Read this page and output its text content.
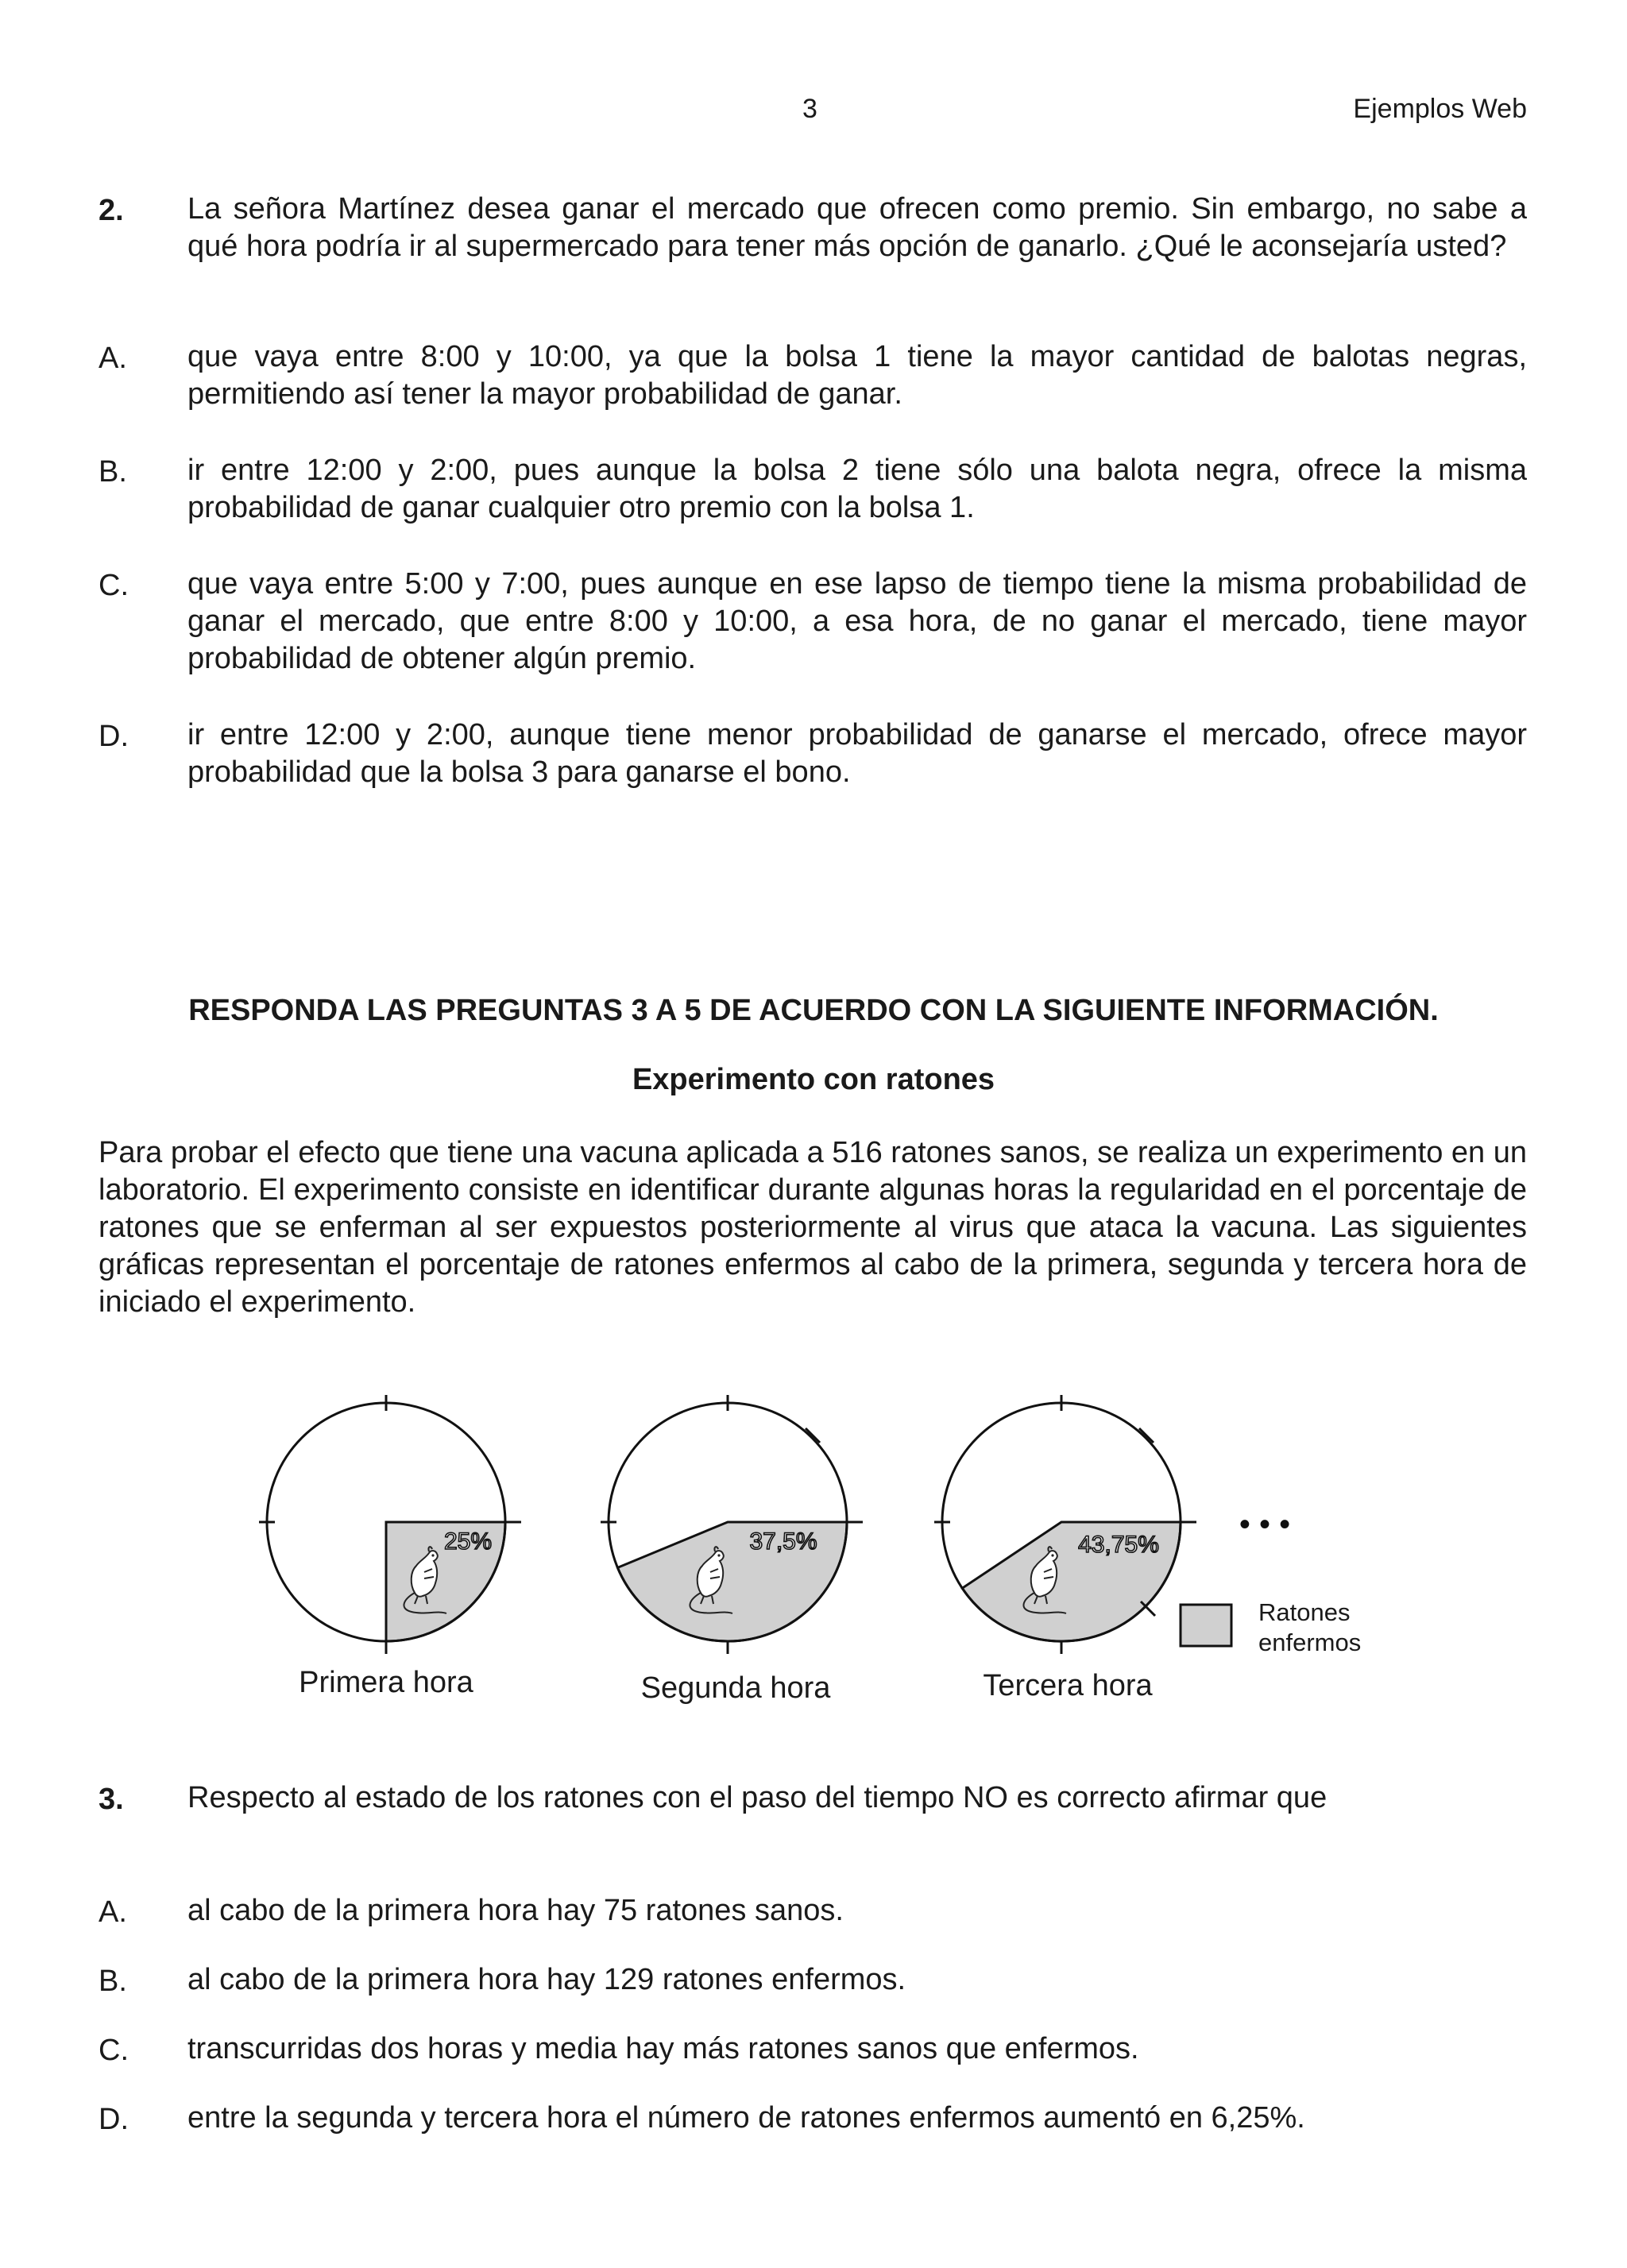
3	Ejemplos Web
2. La señora Martínez desea ganar el mercado que ofrecen como premio. Sin embargo, no sabe a qué hora podría ir al supermercado para tener más opción de ganarlo. ¿Qué le aconsejaría usted?
A. que vaya entre 8:00 y 10:00, ya que la bolsa 1 tiene la mayor cantidad de balotas negras, permitiendo así tener la mayor probabilidad de ganar.
B. ir entre 12:00 y 2:00, pues aunque la bolsa 2 tiene sólo una balota negra, ofrece la misma probabilidad de ganar cualquier otro premio con la bolsa 1.
C. que vaya entre 5:00 y 7:00, pues aunque en ese lapso de tiempo tiene la misma probabilidad de ganar el mercado, que entre 8:00 y 10:00, a esa hora, de no ganar el mercado, tiene mayor probabilidad de obtener algún premio.
D. ir entre 12:00 y 2:00, aunque tiene menor probabilidad de ganarse el mercado, ofrece mayor probabilidad que la bolsa 3 para ganarse el bono.
RESPONDA LAS PREGUNTAS 3 A 5 DE ACUERDO CON LA SIGUIENTE INFORMACIÓN.
Experimento con ratones
Para probar el efecto que tiene una vacuna aplicada a 516 ratones sanos, se realiza un experimento en un laboratorio. El experimento consiste en identificar durante algunas horas la regularidad en el porcentaje de ratones que se enferman al ser expuestos posteriormente al virus que ataca la vacuna. Las siguientes gráficas representan el porcentaje de ratones enfermos al cabo de la primera, segunda y tercera hora de iniciado el experimento.
25%
Primera hora
37,5%
Segunda hora
43,75%
Tercera hora
• • •
Ratones
enfermos
3. Respecto al estado de los ratones con el paso del tiempo NO es correcto afirmar que
A. al cabo de la primera hora hay 75 ratones sanos.
B. al cabo de la primera hora hay 129 ratones enfermos.
C. transcurridas dos horas y media hay más ratones sanos que enfermos.
D. entre la segunda y tercera hora el número de ratones enfermos aumentó en 6,25%.
